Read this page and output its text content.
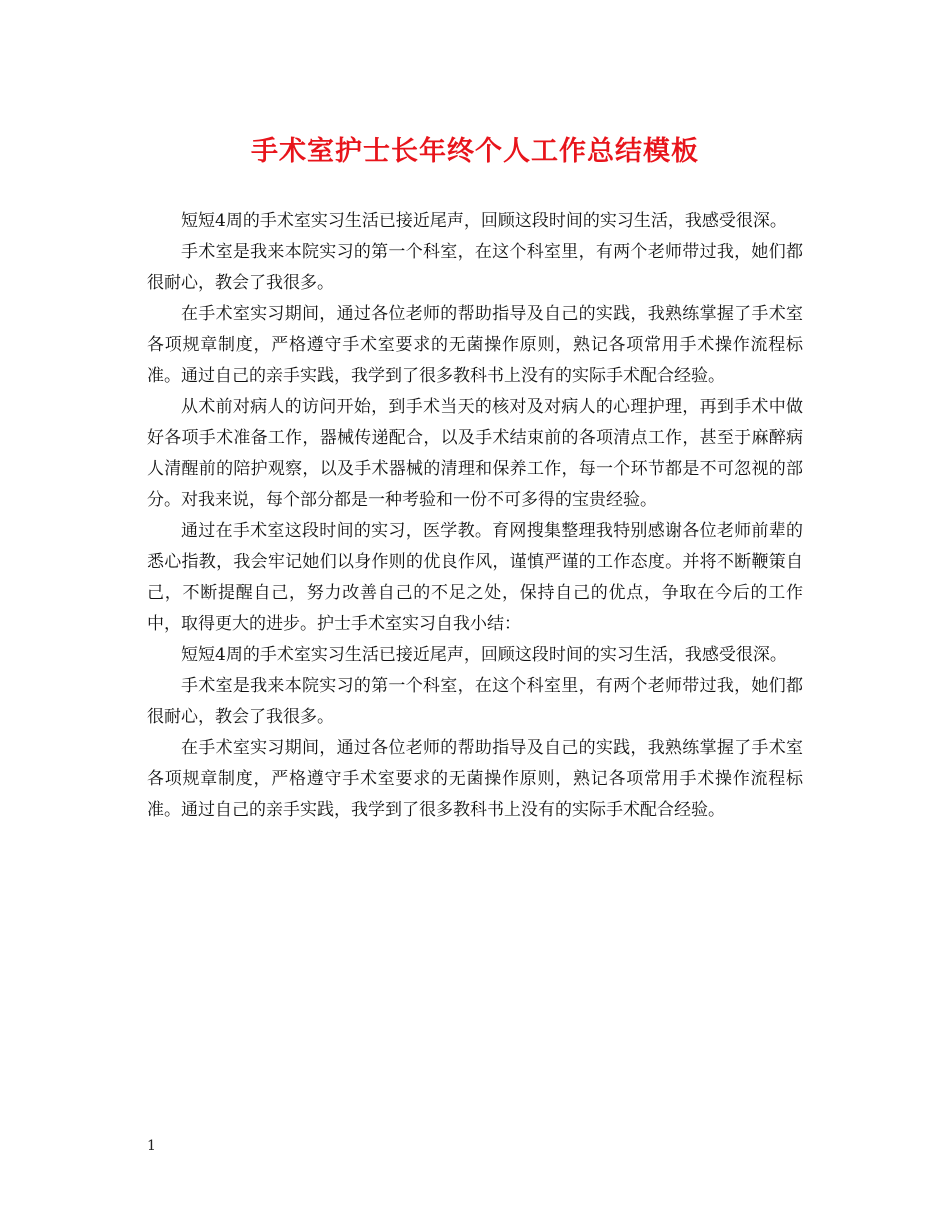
手术室护士长年终个人工作总结模板

短短4周的手术室实习生活已接近尾声，回顾这段时间的实习生活，我感受很深。

手术室是我来本院实习的第一个科室，在这个科室里，有两个老师带过我，她们都很耐心，教会了我很多。

在手术室实习期间，通过各位老师的帮助指导及自己的实践，我熟练掌握了手术室各项规章制度，严格遵守手术室要求的无菌操作原则，熟记各项常用手术操作流程标准。通过自己的亲手实践，我学到了很多教科书上没有的实际手术配合经验。

从术前对病人的访问开始，到手术当天的核对及对病人的心理护理，再到手术中做好各项手术准备工作，器械传递配合，以及手术结束前的各项清点工作，甚至于麻醉病人清醒前的陪护观察，以及手术器械的清理和保养工作，每一个环节都是不可忽视的部分。对我来说，每个部分都是一种考验和一份不可多得的宝贵经验。

通过在手术室这段时间的实习，医学教。育网搜集整理我特别感谢各位老师前辈的悉心指教，我会牢记她们以身作则的优良作风，谨慎严谨的工作态度。并将不断鞭策自己，不断提醒自己，努力改善自己的不足之处，保持自己的优点，争取在今后的工作中，取得更大的进步。护士手术室实习自我小结：

短短4周的手术室实习生活已接近尾声，回顾这段时间的实习生活，我感受很深。

手术室是我来本院实习的第一个科室，在这个科室里，有两个老师带过我，她们都很耐心，教会了我很多。

在手术室实习期间，通过各位老师的帮助指导及自己的实践，我熟练掌握了手术室各项规章制度，严格遵守手术室要求的无菌操作原则，熟记各项常用手术操作流程标准。通过自己的亲手实践，我学到了很多教科书上没有的实际手术配合经验。

1
